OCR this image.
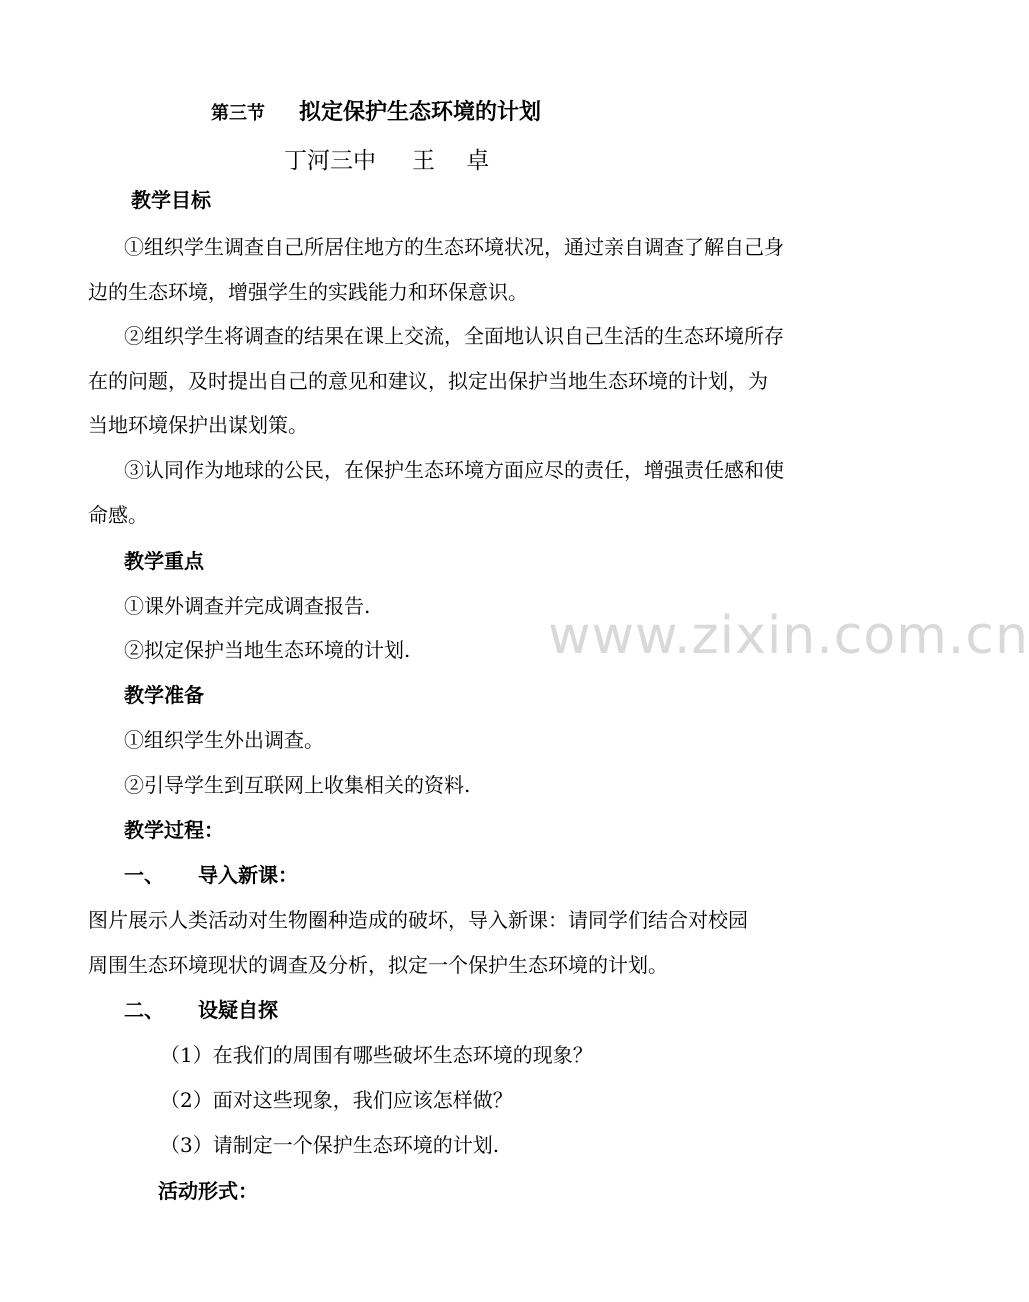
第三节 拟定保护生态环境的计划
丁河三中 王 卓
教学目标
①组织学生调查自己所居住地方的生态环境状况，通过亲自调查了解自己身
边的生态环境，增强学生的实践能力和环保意识。
②组织学生将调查的结果在课上交流，全面地认识自己生活的生态环境所存
在的问题，及时提出自己的意见和建议，拟定出保护当地生态环境的计划，为
当地环境保护出谋划策。
③认同作为地球的公民，在保护生态环境方面应尽的责任，增强责任感和使
命感。
教学重点
①课外调查并完成调查报告.
②拟定保护当地生态环境的计划.
教学准备
①组织学生外出调查。
②引导学生到互联网上收集相关的资料.
教学过程：
一、 导入新课：
图片展示人类活动对生物圈种造成的破坏，导入新课：请同学们结合对校园
周围生态环境现状的调查及分析，拟定一个保护生态环境的计划。
二、 设疑自探
（1）在我们的周围有哪些破坏生态环境的现象？
（2）面对这些现象，我们应该怎样做？
（3）请制定一个保护生态环境的计划.
活动形式：
www.zixin.com.cn
